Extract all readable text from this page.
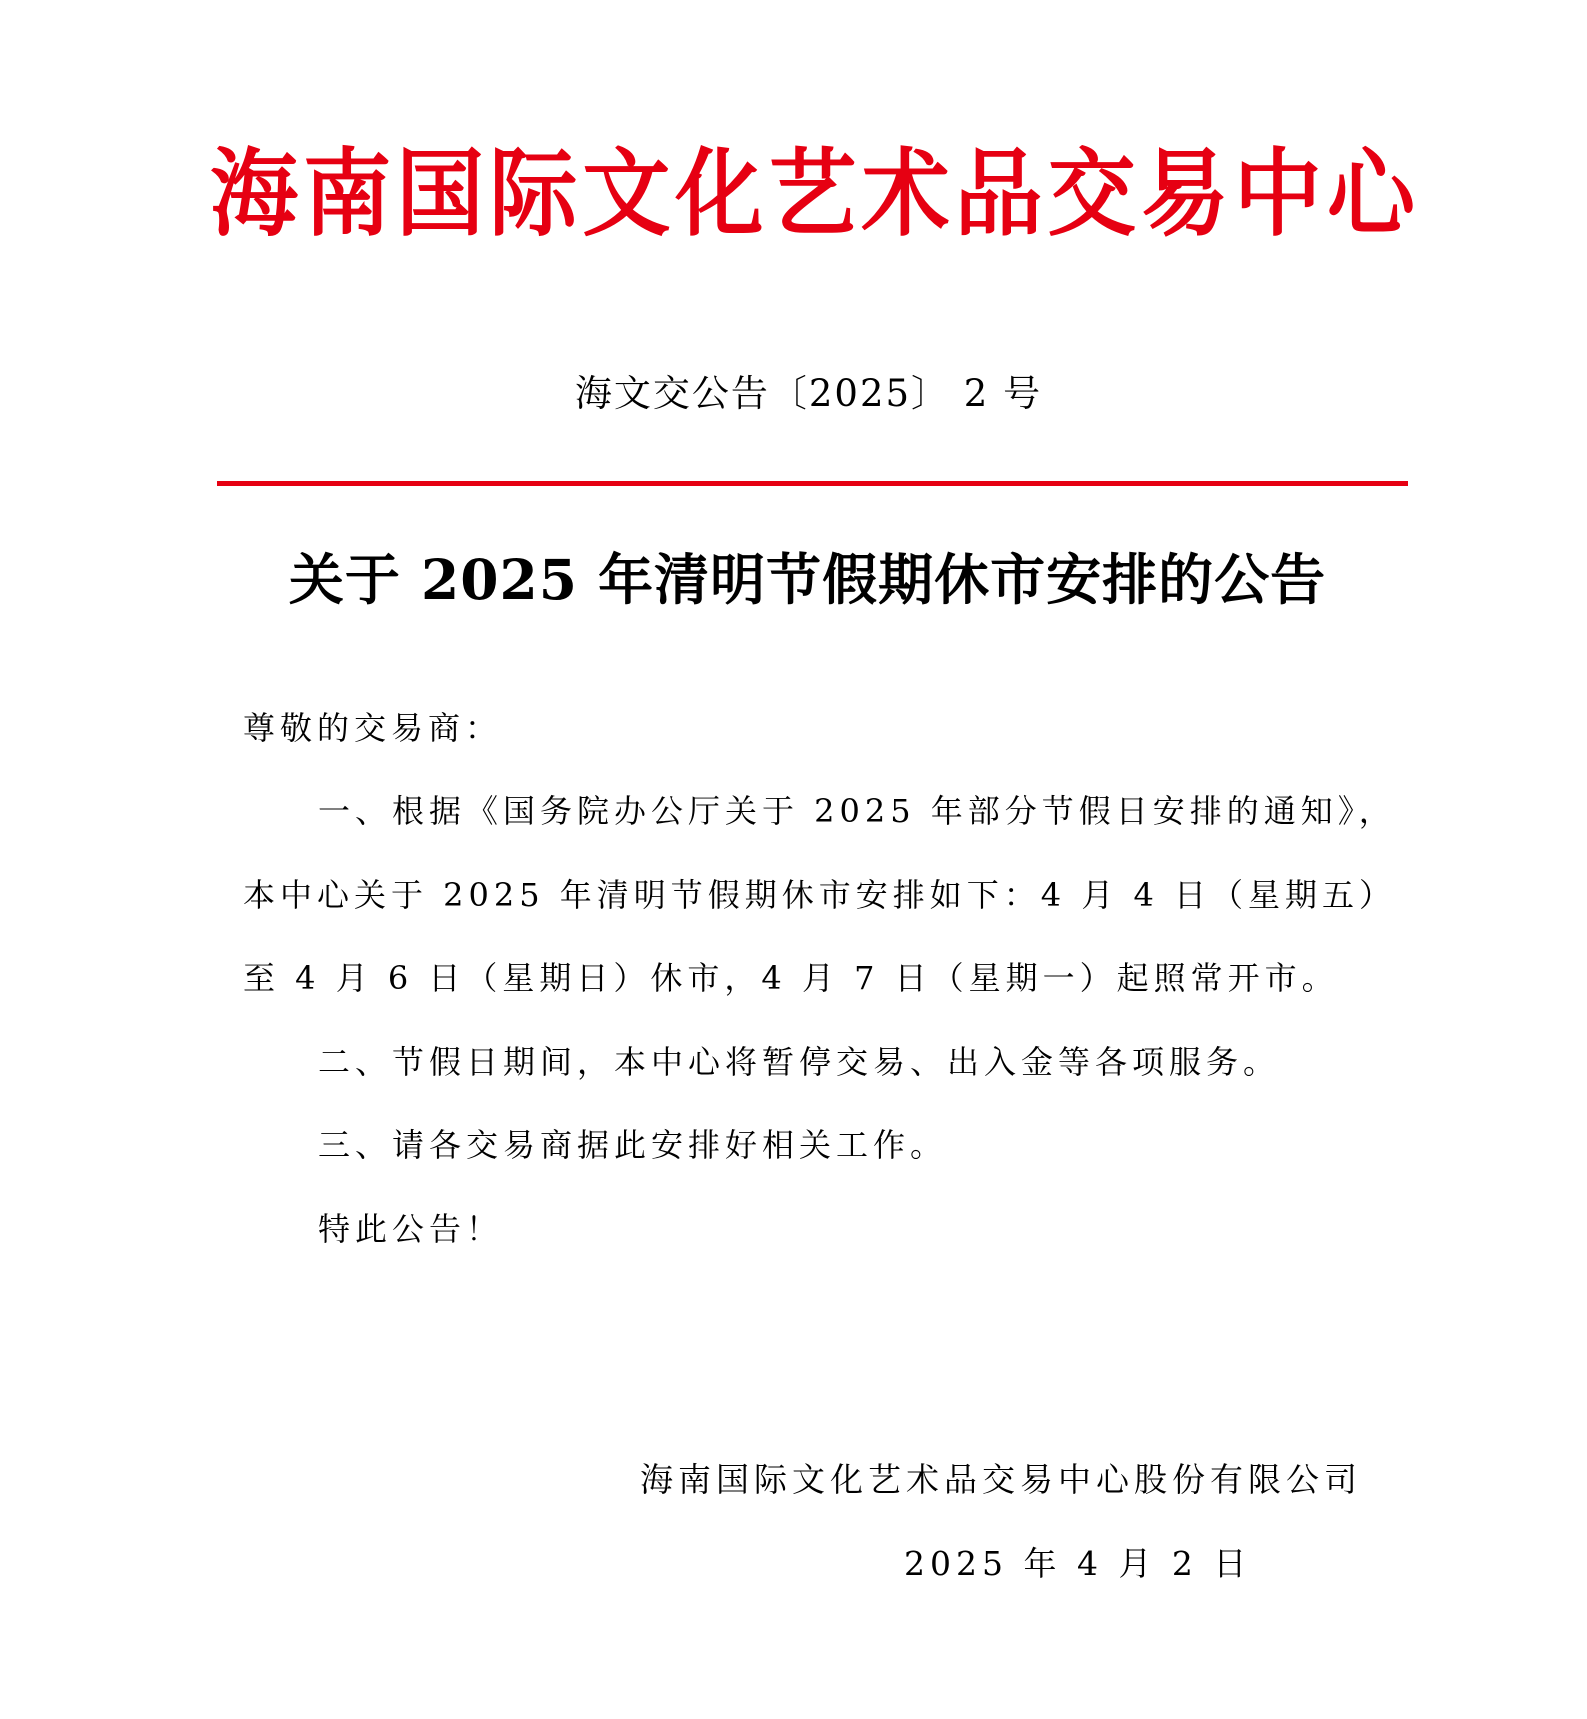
海 南 国 际 文 化 艺 术 品 交 易 中 心
海文交公告〔2025〕 2 号
关于 2025 年清明节假期休市安排的公告
尊敬的交易商：
一、根据《国务院办公厅关于 2025 年部分节假日安排的通知》，
本中心关于 2025 年清明节假期休市安排如下：4 月 4 日（星期五）
至 4 月 6 日（星期日）休市，4 月 7 日（星期一）起照常开市。
二、节假日期间，本中心将暂停交易、出入金等各项服务。
三、请各交易商据此安排好相关工作。
特此公告！
海南国际文化艺术品交易中心股份有限公司
2025 年 4 月 2 日
